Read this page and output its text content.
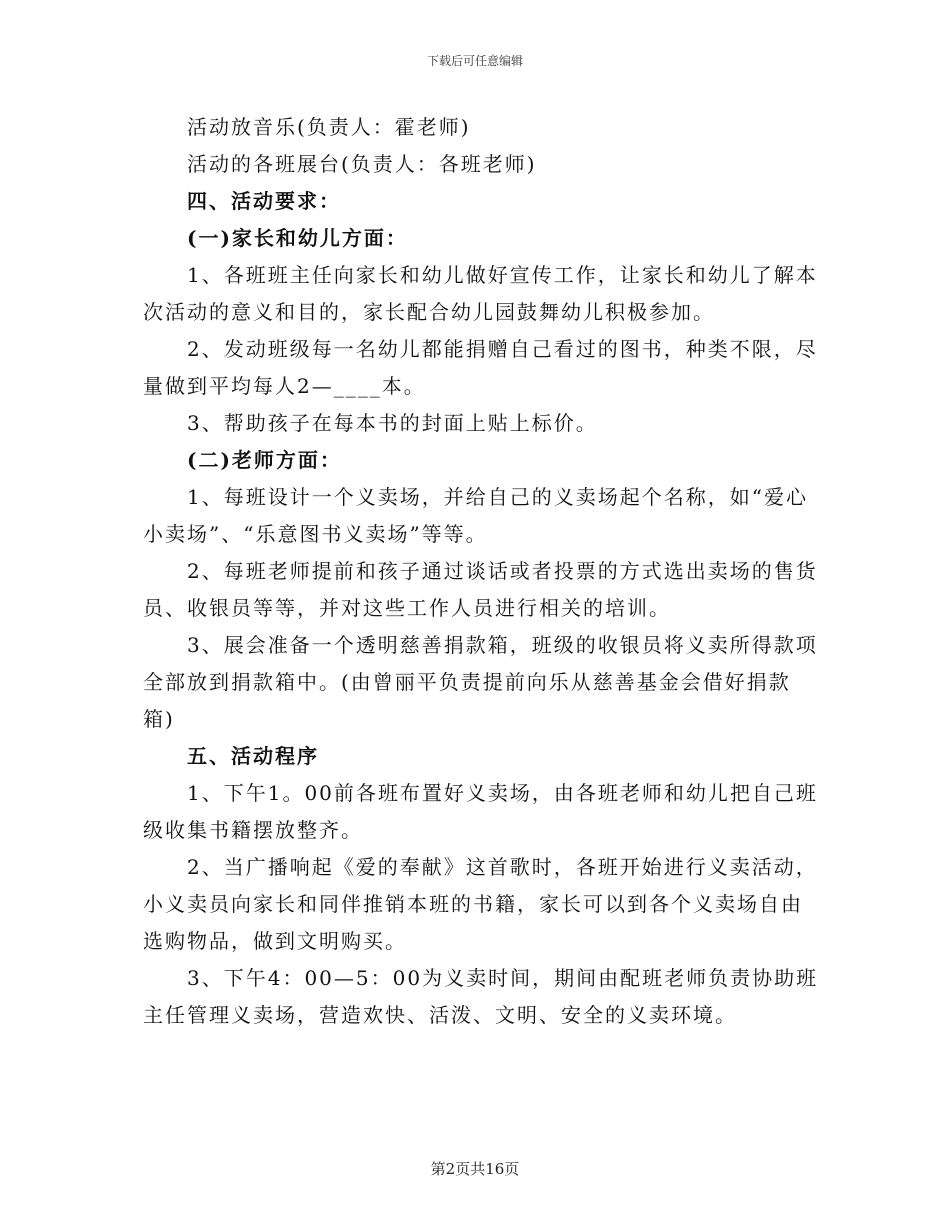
下载后可任意编辑
活动放音乐(负责人：霍老师)
活动的各班展台(负责人：各班老师)
四、活动要求：
(一)家长和幼儿方面：
1、各班班主任向家长和幼儿做好宣传工作，让家长和幼儿了解本
次活动的意义和目的，家长配合幼儿园鼓舞幼儿积极参加。
2、发动班级每一名幼儿都能捐赠自己看过的图书，种类不限，尽
量做到平均每人2—____本。
3、帮助孩子在每本书的封面上贴上标价。
(二)老师方面：
1、每班设计一个义卖场，并给自己的义卖场起个名称，如“爱心
小卖场”、“乐意图书义卖场”等等。
2、每班老师提前和孩子通过谈话或者投票的方式选出卖场的售货
员、收银员等等，并对这些工作人员进行相关的培训。
3、展会准备一个透明慈善捐款箱，班级的收银员将义卖所得款项
全部放到捐款箱中。(由曾丽平负责提前向乐从慈善基金会借好捐款
箱)
五、活动程序
1、下午1。00前各班布置好义卖场，由各班老师和幼儿把自己班
级收集书籍摆放整齐。
2、当广播响起《爱的奉献》这首歌时，各班开始进行义卖活动，
小义卖员向家长和同伴推销本班的书籍，家长可以到各个义卖场自由
选购物品，做到文明购买。
3、下午4：00—5：00为义卖时间，期间由配班老师负责协助班
主任管理义卖场，营造欢快、活泼、文明、安全的义卖环境。
第2页共16页
